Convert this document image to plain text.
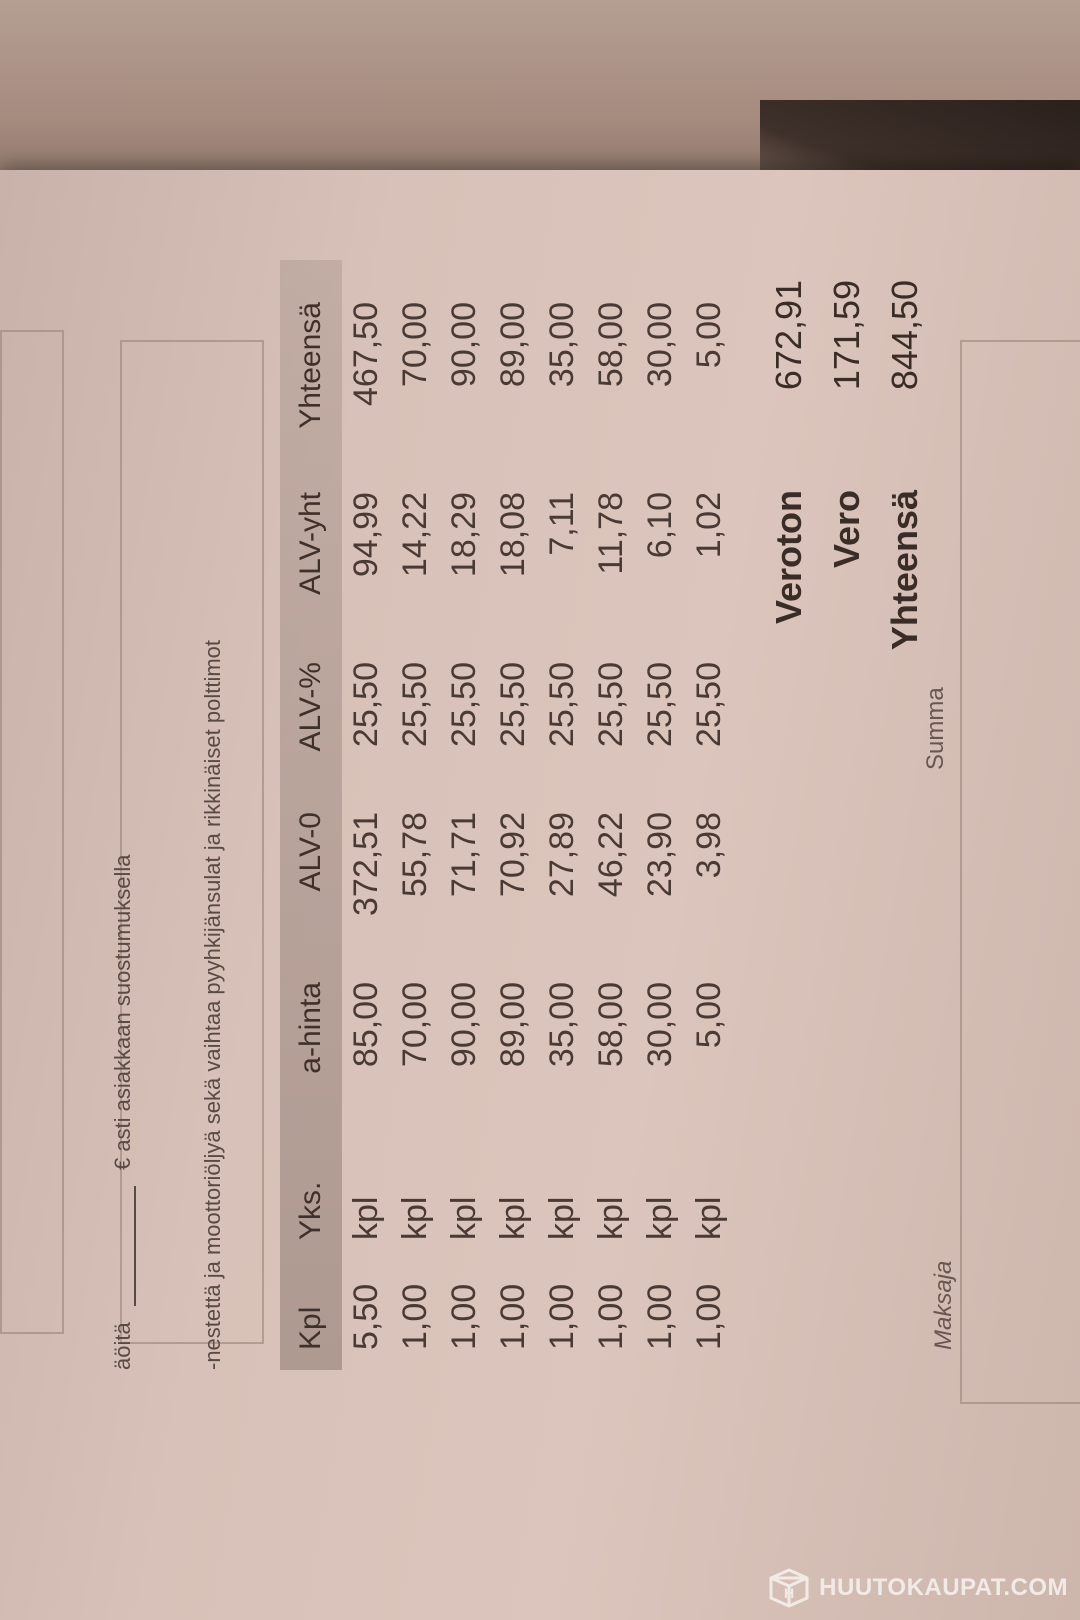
äöitä  € asti asiakkaan suostumuksella	-nestettä ja moottoriöljyä sekä vaihtaa pyyhkijänsulat ja rikkinäiset polttimot Kpl
Yks.
a-hinta
ALV-0
ALV-%
ALV-yht
Yhteensä
5,50
kpl
85,00
372,51
25,50
94,99
467,50
1,00
kpl
70,00
55,78
25,50
14,22
70,00
1,00
kpl
90,00
71,71
25,50
18,29
90,00
1,00
kpl
89,00
70,92
25,50
18,08
89,00
1,00
kpl
35,00
27,89
25,50
7,11
35,00
1,00
kpl
58,00
46,22
25,50
11,78
58,00
1,00
kpl
30,00
23,90
25,50
6,10
30,00
1,00
kpl
5,00
3,98
25,50
1,02
5,00
Veroton
672,91
Vero
171,59
Yhteensä
844,50
Summa
Maksaja
H HUUTOKAUPAT.COM
